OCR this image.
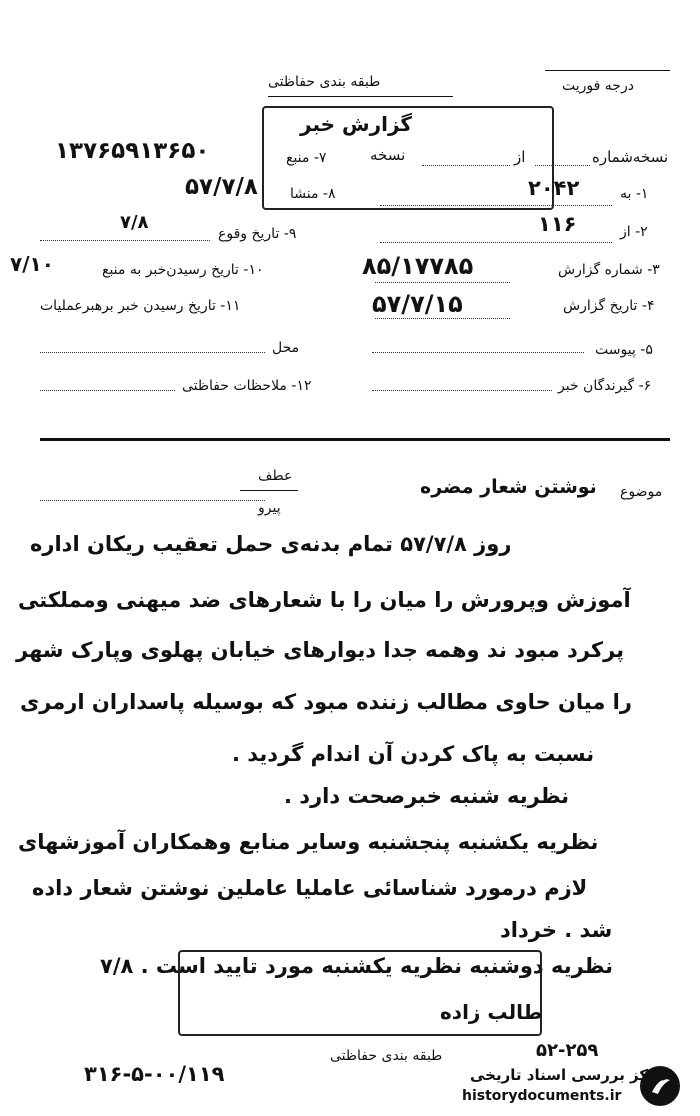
طبقه بندی حفاظتی	درجه فوریت
گزارش خبر
نسخه‌شماره
از
نسخه
۱- به
۲۰۴۲
۲- از
۱۱۶
۳- شماره گزارش
۸۵/۱۷۷۸۵
۴- تاریخ گزارش
۵۷/۷/۱۵
۵- پیوست
۶- گیرندگان خبر
۷- منبع
۱۳۷۶۵۹۱۳۶۵۰
۸- منشا
۵۷/۷/۸
۹- تاریخ وقوع
۷/۸
۱۰- تاریخ رسیدن‌خبر به منبع
۷/۱۰
۱۱- تاریخ رسیدن خبر برهبرعملیات
محل
۱۲- ملاحظات حفاظتی
موضوع
نوشتن شعار مضره
عطف
پیرو
روز ۵۷/۷/۸ تمام بدنه‌ی حمل تعقیب ریکان اداره
آموزش وپرورش را میان را با شعارهای ضد میهنی ومملکتی
پرکرد مبود ند وهمه جدا دیوارهای خیابان پهلوی وپارک شهر
را میان حاوی مطالب زننده مبود که بوسیله پاسداران ارمری
نسبت به پاک کردن آن اندام گردید .
نظریه شنبه خبرصحت دارد .
نظریه یکشنبه پنجشنبه وسایر منابع وهمکاران آموزشهای
لازم درمورد شناسائی عاملیا عاملین نوشتن شعار داده
شد . خرداد
نظریه دوشنبه نظریه یکشنبه مورد تایید است . ۷/۸
طالب زاده
۵۲-۲۵۹
طبقه بندی حفاظتی
۳۱۶-۵-۰۰/۱۱۹	مرکز بررسی اسناد تاریخی
historydocuments.ir
